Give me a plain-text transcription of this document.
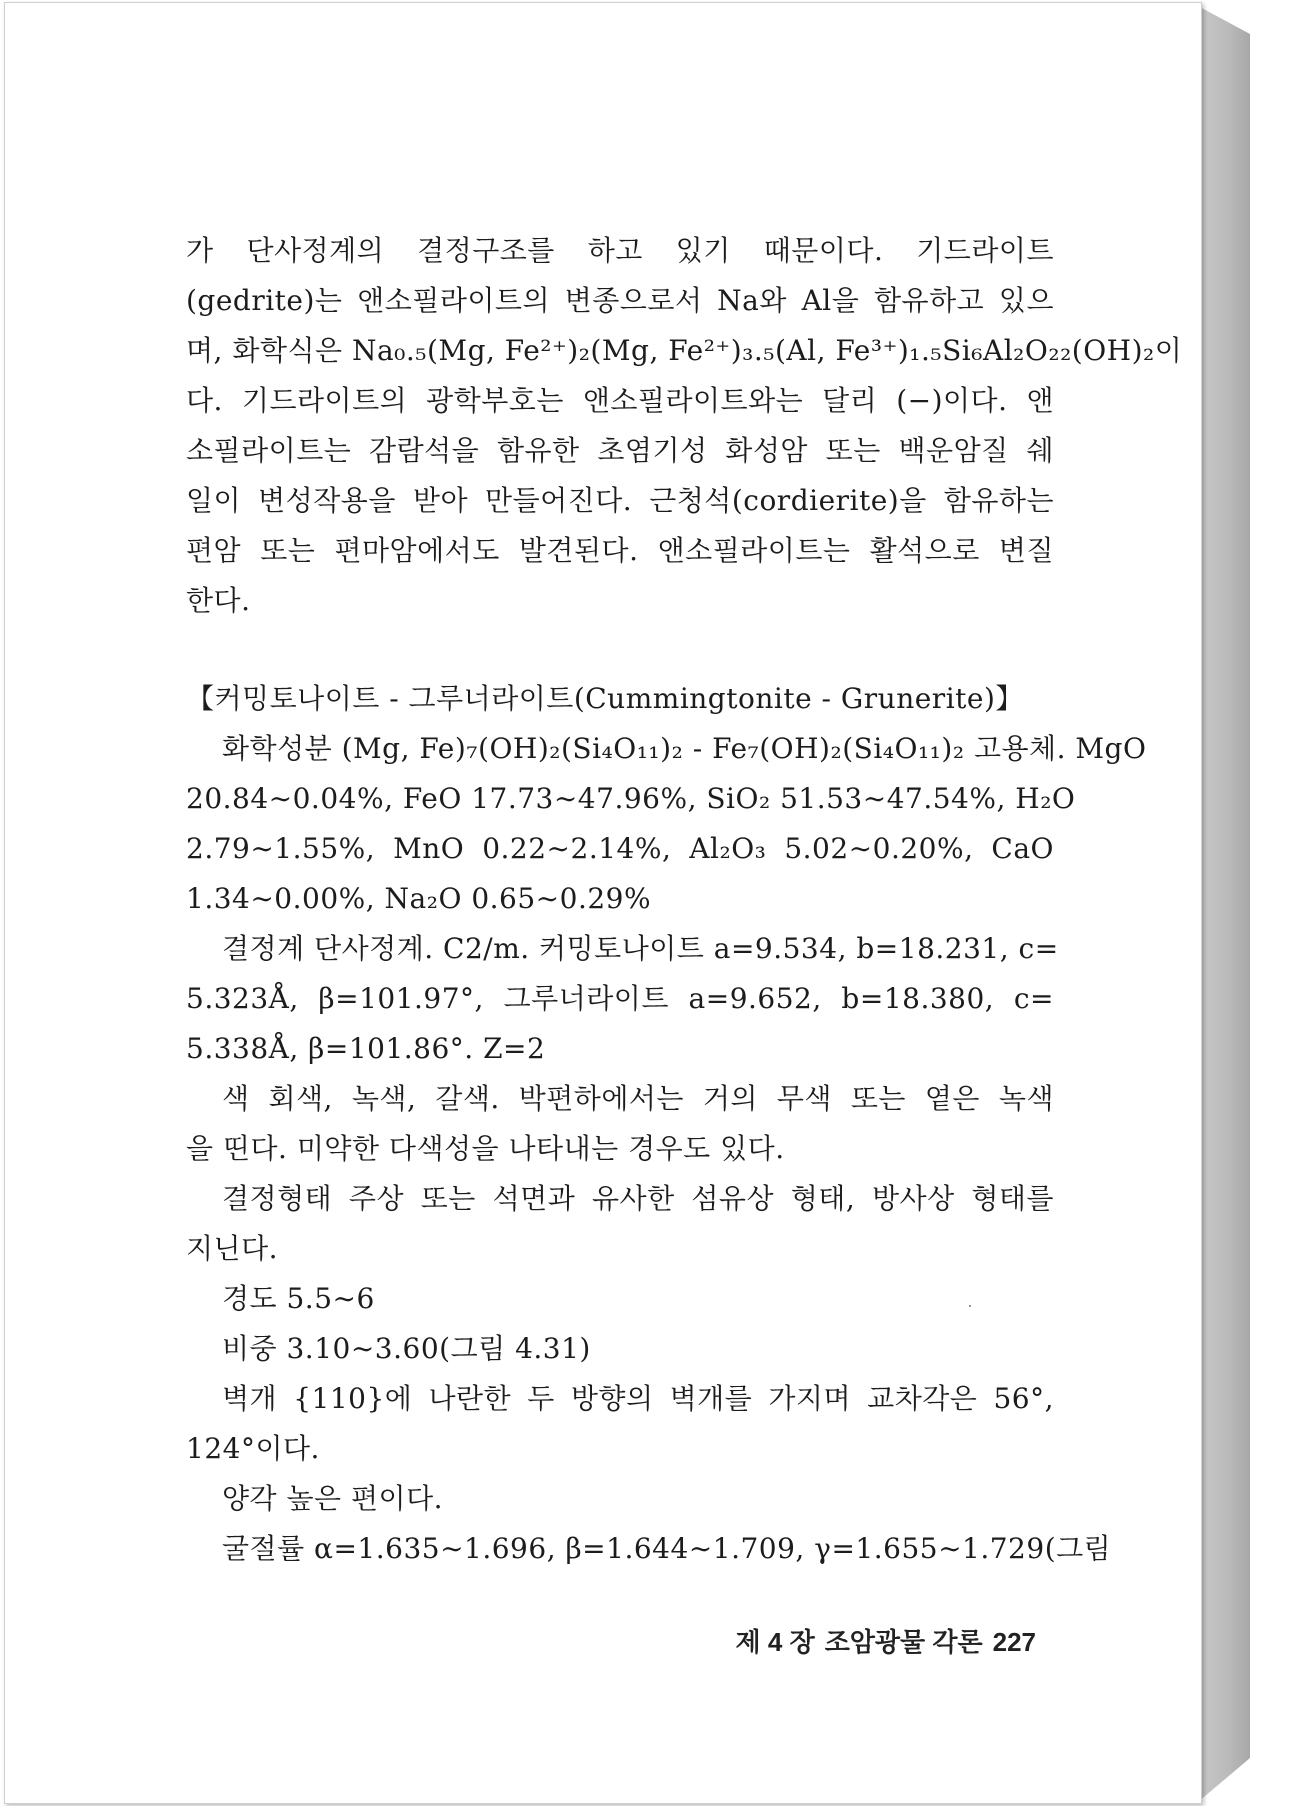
가 단사정계의 결정구조를 하고 있기 때문이다. 기드라이트
(gedrite)는 앤소필라이트의 변종으로서 Na와 Al을 함유하고 있으
며, 화학식은 Na₀.₅(Mg, Fe²⁺)₂(Mg, Fe²⁺)₃.₅(Al, Fe³⁺)₁.₅Si₆Al₂O₂₂(OH)₂이
다. 기드라이트의 광학부호는 앤소필라이트와는 달리 (−)이다. 앤
소필라이트는 감람석을 함유한 초염기성 화성암 또는 백운암질 쉐
일이 변성작용을 받아 만들어진다. 근청석(cordierite)을 함유하는
편암 또는 편마암에서도 발견된다. 앤소필라이트는 활석으로 변질
한다.
【커밍토나이트 - 그루너라이트(Cummingtonite - Grunerite)】
화학성분 (Mg, Fe)₇(OH)₂(Si₄O₁₁)₂ - Fe₇(OH)₂(Si₄O₁₁)₂ 고용체. MgO
20.84∼0.04%, FeO 17.73∼47.96%, SiO₂ 51.53∼47.54%, H₂O
2.79∼1.55%, MnO 0.22∼2.14%, Al₂O₃ 5.02∼0.20%, CaO
1.34∼0.00%, Na₂O 0.65∼0.29%
결정계 단사정계. C2/m. 커밍토나이트 a=9.534, b=18.231, c=
5.323Å, β=101.97°, 그루너라이트 a=9.652, b=18.380, c=
5.338Å, β=101.86°. Z=2
색 회색, 녹색, 갈색. 박편하에서는 거의 무색 또는 옅은 녹색
을 띤다. 미약한 다색성을 나타내는 경우도 있다.
결정형태 주상 또는 석면과 유사한 섬유상 형태, 방사상 형태를
지닌다.
경도 5.5∼6
비중 3.10∼3.60(그림 4.31)
벽개 {110}에 나란한 두 방향의 벽개를 가지며 교차각은 56°,
124°이다.
양각 높은 편이다.
굴절률 α=1.635∼1.696, β=1.644∼1.709, γ=1.655∼1.729(그림
제 4 장 조암광물 각론 227
